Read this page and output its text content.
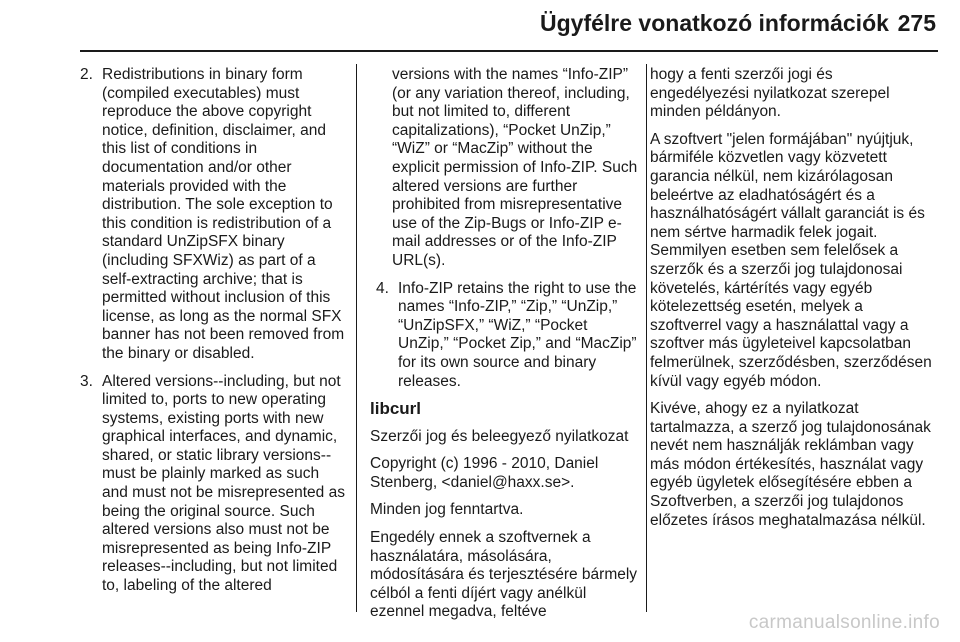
Ügyfélre vonatkozó információk 275
2. Redistributions in binary form (compiled executables) must reproduce the above copyright notice, definition, disclaimer, and this list of conditions in documentation and/or other materials provided with the distribution. The sole exception to this condition is redistribution of a standard UnZipSFX binary (including SFXWiz) as part of a self-extracting archive; that is permitted without inclusion of this license, as long as the normal SFX banner has not been removed from the binary or disabled.
3. Altered versions--including, but not limited to, ports to new operating systems, existing ports with new graphical interfaces, and dynamic, shared, or static library versions--must be plainly marked as such and must not be misrepresented as being the original source. Such altered versions also must not be misrepresented as being Info-ZIP releases--including, but not limited to, labeling of the altered
versions with the names “Info-ZIP” (or any variation thereof, including, but not limited to, different capitalizations), “Pocket UnZip,” “WiZ” or “MacZip” without the explicit permission of Info-ZIP. Such altered versions are further prohibited from misrepresentative use of the Zip-Bugs or Info-ZIP e-mail addresses or of the Info-ZIP URL(s).
4. Info-ZIP retains the right to use the names “Info-ZIP,” “Zip,” “UnZip,” “UnZipSFX,” “WiZ,” “Pocket UnZip,” “Pocket Zip,” and “MacZip” for its own source and binary releases.
libcurl
Szerzői jog és beleegyező nyilatkozat
Copyright (c) 1996 - 2010, Daniel Stenberg, <daniel@haxx.se>.
Minden jog fenntartva.
Engedély ennek a szoftvernek a használatára, másolására, módosítására és terjesztésére bármely célból a fenti díjért vagy anélkül ezennel megadva, feltéve
hogy a fenti szerzői jogi és engedélyezési nyilatkozat szerepel minden példányon.
A szoftvert "jelen formájában" nyújtjuk, bármiféle közvetlen vagy közvetett garancia nélkül, nem kizárólagosan beleértve az eladhatóságért és a használhatóságért vállalt garanciát is és nem sértve harmadik felek jogait. Semmilyen esetben sem felelősek a szerzők és a szerzői jog tulajdonosai követelés, kártérítés vagy egyéb kötelezettség esetén, melyek a szoftverrel vagy a használattal vagy a szoftver más ügyleteivel kapcsolatban felmerülnek, szerződésben, szerződésen kívül vagy egyéb módon.
Kivéve, ahogy ez a nyilatkozat tartalmazza, a szerző jog tulajdonosának nevét nem használják reklámban vagy más módon értékesítés, használat vagy egyéb ügyletek elősegítésére ebben a Szoftverben, a szerzői jog tulajdonos előzetes írásos meghatalmazása nélkül.
carmanualsonline.info
